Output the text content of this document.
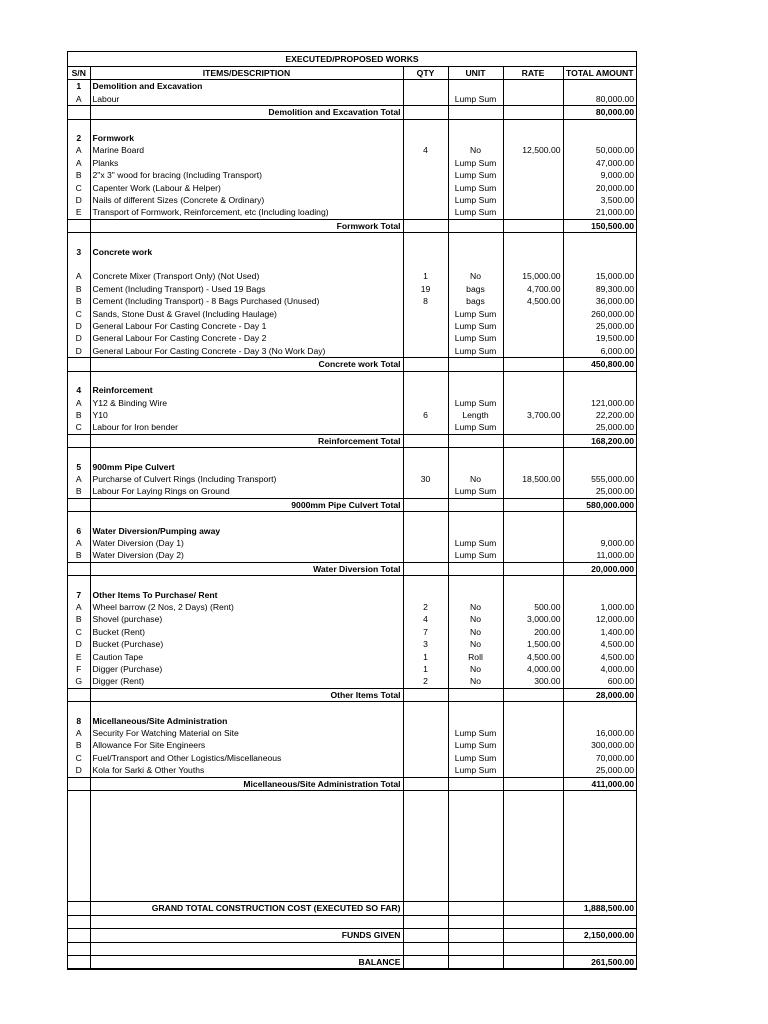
EXECUTED/PROPOSED WORKS					
S/N	ITEMS/DESCRIPTION	QTY	UNIT	RATE	TOTAL AMOUNT
1	Demolition and Excavation				
A	Labour		Lump Sum		80,000.00
	Demolition and Excavation Total				80,000.00

2	Formwork				
A	Marine Board	4	No	12,500.00	50,000.00
A	Planks		Lump Sum		47,000.00
B	2"x 3" wood for bracing (Including Transport)		Lump Sum		9,000.00
C	Capenter Work (Labour & Helper)		Lump Sum		20,000.00
D	Nails of different Sizes (Concrete & Ordinary)		Lump Sum		3,500.00
E	Transport of Formwork, Reinforcement, etc (Including loading)		Lump Sum		21,000.00
	Formwork Total				150,500.00

3	Concrete work				

A	Concrete Mixer (Transport Only) (Not Used)	1	No	15,000.00	15,000.00
B	Cement (Including Transport) - Used 19 Bags	19	bags	4,700.00	89,300.00
B	Cement (Including Transport) - 8 Bags Purchased (Unused)	8	bags	4,500.00	36,000.00
C	Sands, Stone Dust & Gravel (Including Haulage)		Lump Sum		260,000.00
D	General Labour For Casting Concrete - Day 1		Lump Sum		25,000.00
D	General Labour For Casting Concrete - Day 2		Lump Sum		19,500.00
D	General Labour For Casting Concrete - Day 3 (No Work Day)		Lump Sum		6,000.00
	Concrete work Total				450,800.00

4	Reinforcement				
A	Y12 & Binding Wire		Lump Sum		121,000.00
B	Y10	6	Length	3,700.00	22,200.00
C	Labour for Iron bender		Lump Sum		25,000.00
	Reinforcement Total				168,200.00

5	900mm Pipe Culvert				
A	Purcharse of Culvert Rings (Including Transport)	30	No	18,500.00	555,000.00
B	Labour For Laying Rings on Ground		Lump Sum		25,000.00
	9000mm Pipe Culvert Total				580,000.000

6	Water Diversion/Pumping away				
A	Water Diversion (Day 1)		Lump Sum		9,000.00
B	Water Diversion (Day 2)		Lump Sum		11,000.00
	Water Diversion Total				20,000.000

7	Other Items To Purchase/ Rent				
A	Wheel barrow (2 Nos, 2 Days) (Rent)	2	No	500.00	1,000.00
B	Shovel (purchase)	4	No	3,000.00	12,000.00
C	Bucket (Rent)	7	No	200.00	1,400.00
D	Bucket (Purchase)	3	No	1,500.00	4,500.00
E	Caution Tape	1	Roll	4,500.00	4,500.00
F	Digger (Purchase)	1	No	4,000.00	4,000.00
G	Digger (Rent)	2	No	300.00	600.00
	Other Items Total				28,000.00

8	Micellaneous/Site Administration				
A	Security For Watching Material on Site		Lump Sum		16,000.00
B	Allowance For Site Engineers		Lump Sum		300,000.00
C	Fuel/Transport and Other Logistics/Miscellaneous		Lump Sum		70,000.00
D	Kola for Sarki & Other Youths		Lump Sum		25,000.00
	Micellaneous/Site Administration Total				411,000.00

	GRAND TOTAL CONSTRUCTION COST (EXECUTED SO FAR)				1,888,500.00

	FUNDS GIVEN				2,150,000.00

	BALANCE				261,500.00
